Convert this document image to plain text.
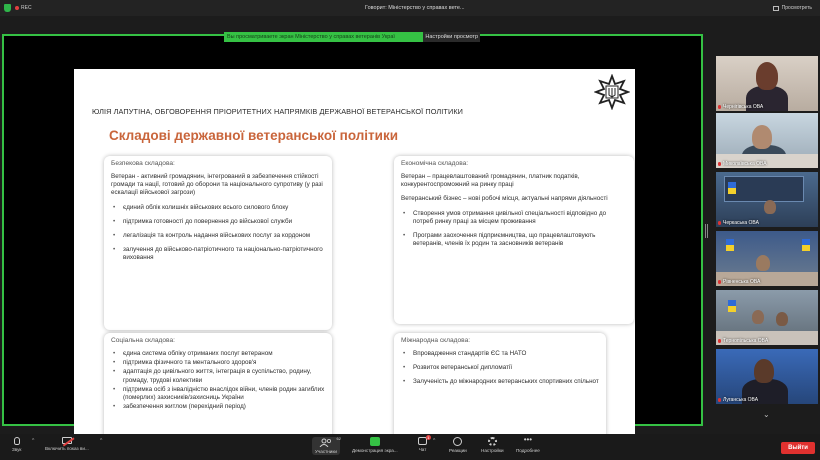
REC	Говорит: Міністерство у справах вете...	Просмотреть
Вы просматриваете экран Міністерство у справах ветеранів Украї	Настройки просмотр
ЮЛІЯ ЛАПУТІНА, ОБГОВОРЕННЯ ПРІОРИТЕТНИХ НАПРЯМКІВ ДЕРЖАВНОЇ ВЕТЕРАНСЬКОЇ ПОЛІТИКИ
Складові державної ветеранської політики
Безпекова складова:
Ветеран - активний громадянин, інтегрований в забезпечення стійкості громади та нації, готовий до оборони та національного супротиву (у разі ескалації військової загрози)
• єдиний облік колишніх військових всього силового блоку
• підтримка готовності до повернення до військової служби
• легалізація та контроль надання військових послуг за кордоном
• залучення до військово-патріотичного та національно-патріотичного виховання
Соціальна складова:
• єдина система обліку отриманих послуг ветераном
• підтримка фізичного та ментального здоров'я
• адаптація до цивільного життя, інтеграція в суспільство, родину, громаду, трудові колективи
• підтримка осіб з інвалідністю внаслідок війни, членів родин загиблих (померлих) захисників/захисниць України
• забезпечення житлом (перехідний період)
Економічна складова:
Ветеран – працевлаштований громадянин, платник податків, конкурентоспроможний на ринку праці
Ветеранський бізнес – нові робочі місця, актуальні напрями діяльності
• Створення умов отримання цивільної спеціальності відповідно до потреб ринку праці за місцем проживання
• Програми заохочення підприємництва, що працевлаштовують ветеранів, членів їх родин та засновників ветеранів
Міжнародна складова:
• Впровадження стандартів ЄС та НАТО
• Розвиток ветеранської дипломатії
• Залученість до міжнародних ветеранських спортивних спільнот
Чернігівська ОВА
Миколаївська ОВА
Черкаська ОВА
Рівненська ОВА
Тернопільська ОВА
Луганська ОВА
⌄
Звук
^
Включить показ ви...
^	62
Участники	Демонстрация экра...
1
Чат
^
Реакции	Настройки
•••
Подробнее	Выйти
